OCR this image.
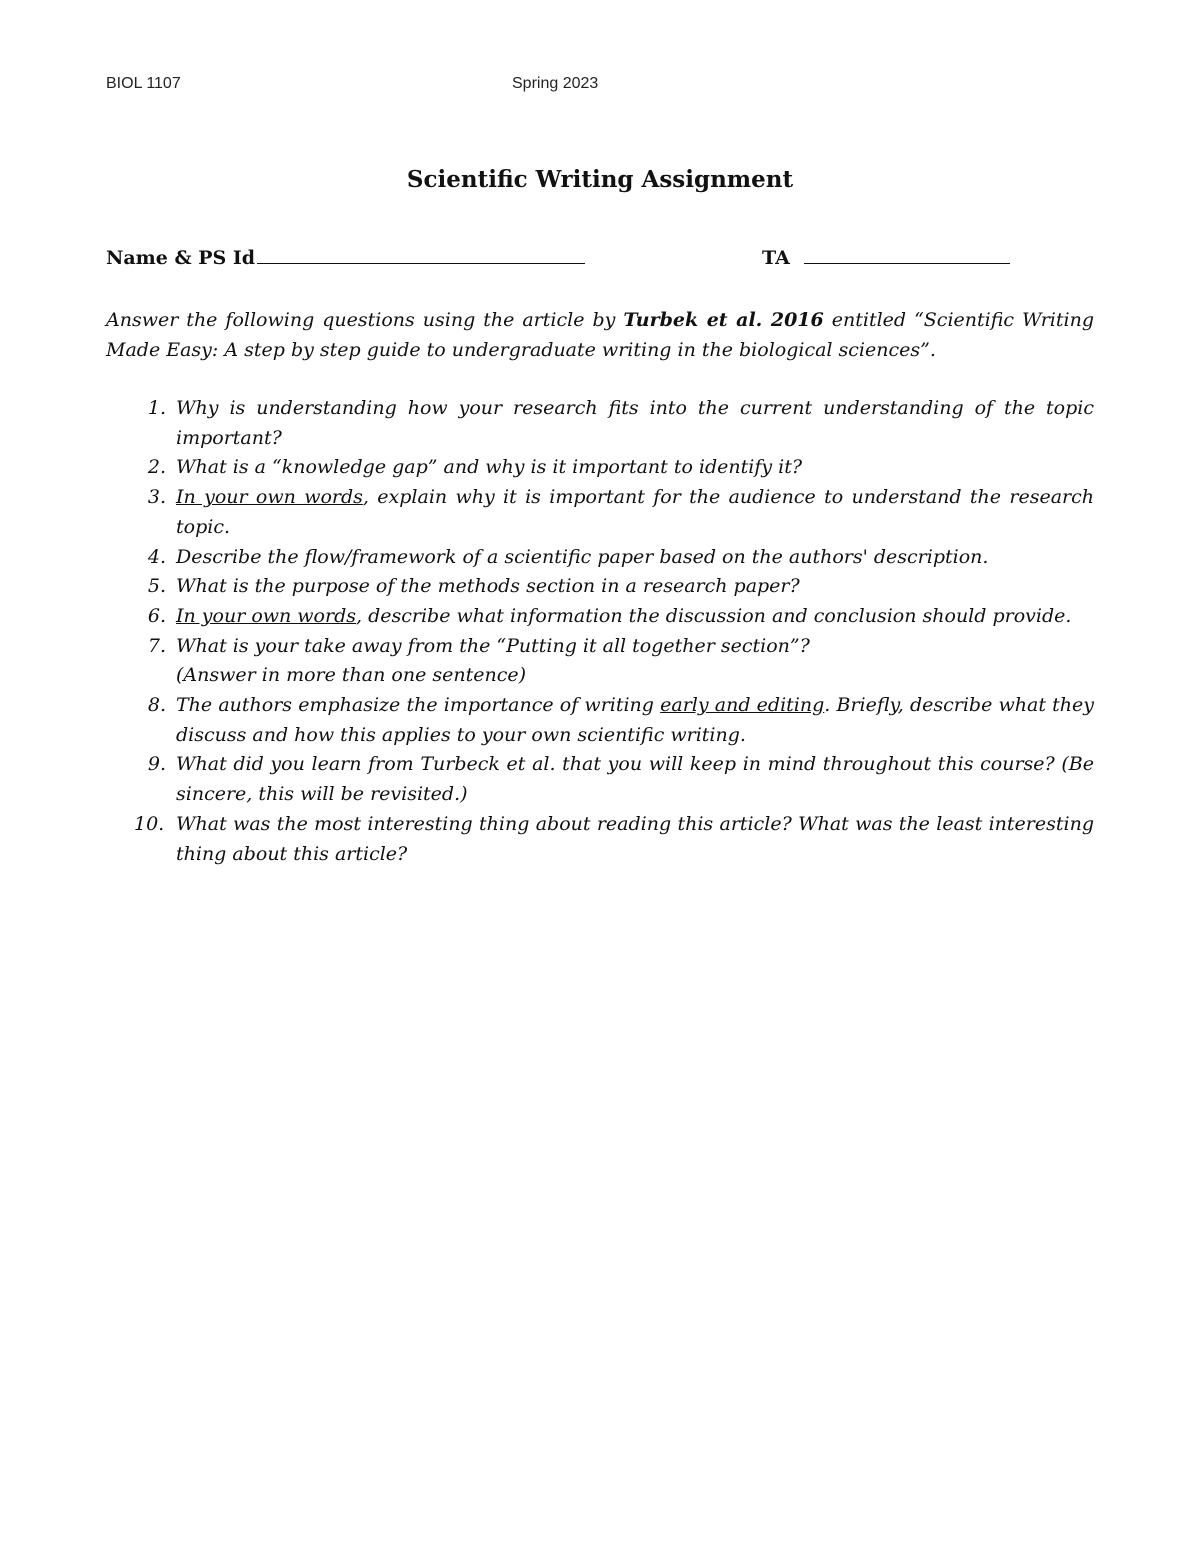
BIOL 1107	Spring 2023
Scientific Writing Assignment
Name & PS Id	TA
Answer the following questions using the article by Turbek et al. 2016 entitled “Scientific Writing Made Easy: A step by step guide to undergraduate writing in the biological sciences”.
1. Why is understanding how your research fits into the current understanding of the topic important?
2. What is a “knowledge gap” and why is it important to identify it?
3. In your own words, explain why it is important for the audience to understand the research topic.
4. Describe the flow/framework of a scientific paper based on the authors' description.
5. What is the purpose of the methods section in a research paper?
6. In your own words, describe what information the discussion and conclusion should provide.
7. What is your take away from the “Putting it all together section”?
(Answer in more than one sentence)
8. The authors emphasize the importance of writing early and editing. Briefly, describe what they discuss and how this applies to your own scientific writing.
9. What did you learn from Turbeck et al. that you will keep in mind throughout this course? (Be sincere, this will be revisited.)
10. What was the most interesting thing about reading this article? What was the least interesting thing about this article?
